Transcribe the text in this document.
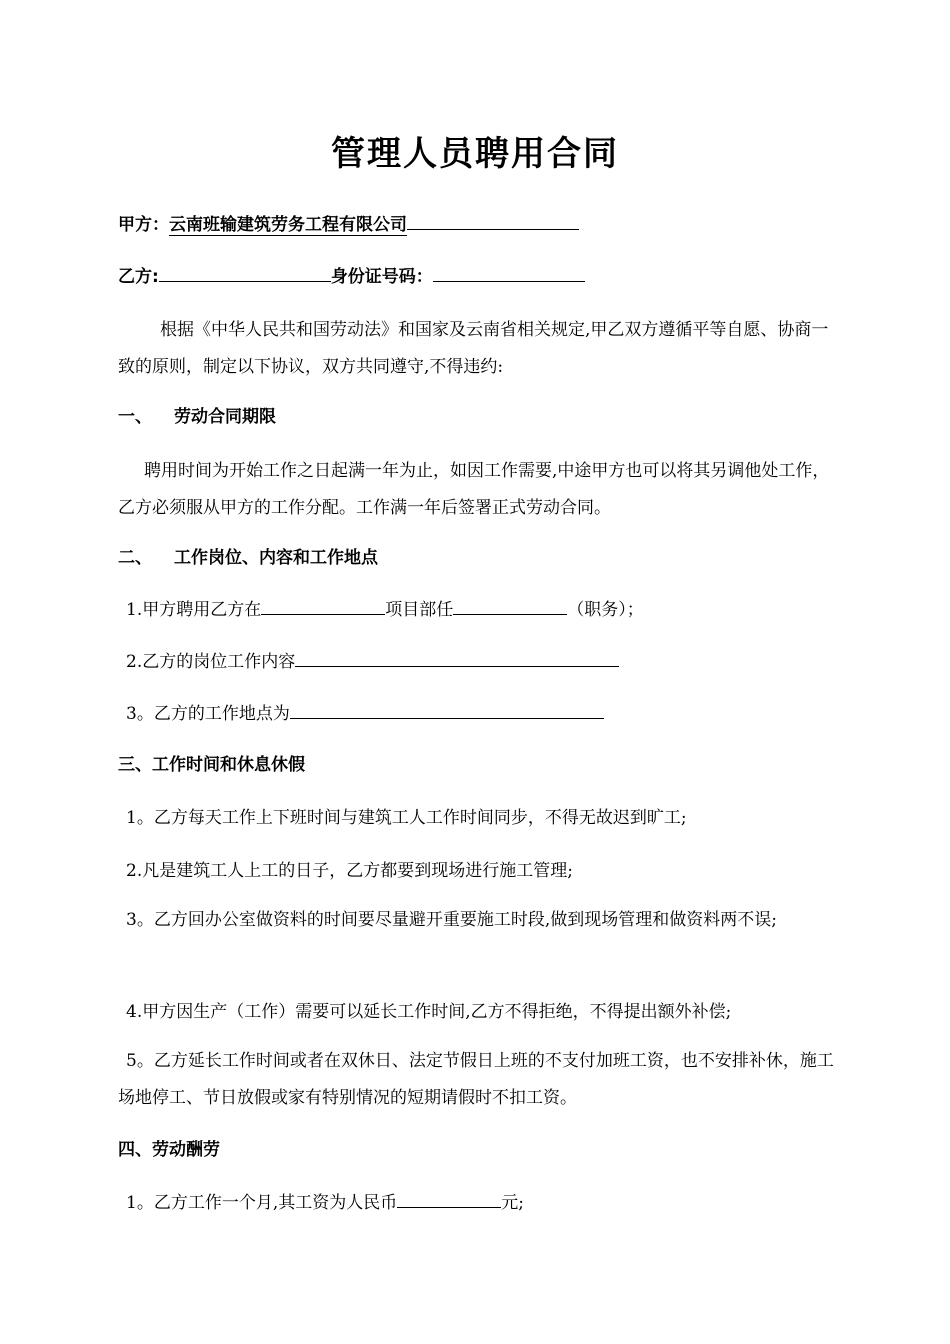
管理人员聘用合同
甲方：云南班输建筑劳务工程有限公司
乙方:	身份证号码：
根据《中华人民共和国劳动法》和国家及云南省相关规定,甲乙双方遵循平等自愿、协商一致的原则，制定以下协议，双方共同遵守,不得违约:
一、 劳动合同期限
聘用时间为开始工作之日起满一年为止，如因工作需要,中途甲方也可以将其另调他处工作，乙方必须服从甲方的工作分配。工作满一年后签署正式劳动合同。
二、 工作岗位、内容和工作地点
1.甲方聘用乙方在	项目部任	（职务）；
2.乙方的岗位工作内容
3。乙方的工作地点为
三、工作时间和休息休假
1。乙方每天工作上下班时间与建筑工人工作时间同步，不得无故迟到旷工;
2.凡是建筑工人上工的日子，乙方都要到现场进行施工管理;
3。乙方回办公室做资料的时间要尽量避开重要施工时段,做到现场管理和做资料两不误;
4.甲方因生产（工作）需要可以延长工作时间,乙方不得拒绝，不得提出额外补偿;
5。乙方延长工作时间或者在双休日、法定节假日上班的不支付加班工资，也不安排补休，施工场地停工、节日放假或家有特别情况的短期请假时不扣工资。
四、劳动酬劳
1。乙方工作一个月,其工资为人民币	元;
